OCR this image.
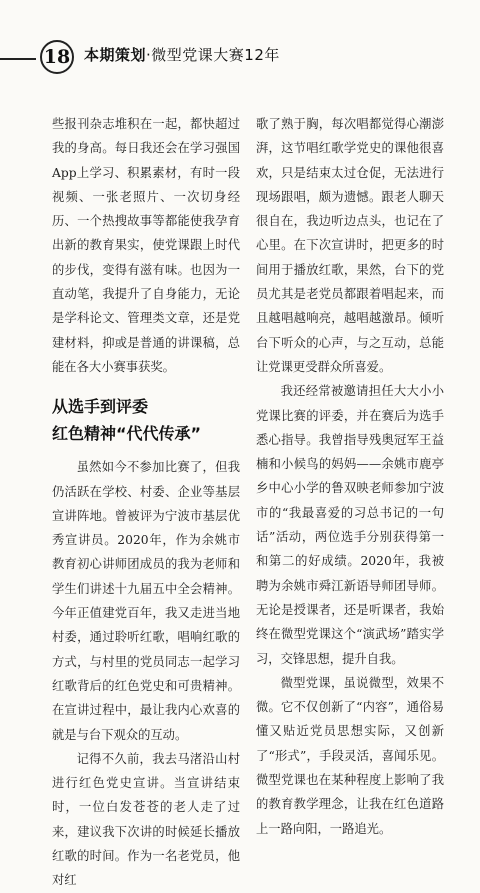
18 本期策划·微型党课大赛12年

些报刊杂志堆积在一起，都快超过我的身高。每日我还会在学习强国App上学习、积累素材，有时一段视频、一张老照片、一次切身经历、一个热搜故事等都能使我孕育出新的教育果实，使党课跟上时代的步伐，变得有滋有味。也因为一直动笔，我提升了自身能力，无论是学科论文、管理类文章，还是党建材料，抑或是普通的讲课稿，总能在各大小赛事获奖。

从选手到评委
红色精神“代代传承”

虽然如今不参加比赛了，但我仍活跃在学校、村委、企业等基层宣讲阵地。曾被评为宁波市基层优秀宣讲员。2020年，作为余姚市教育初心讲师团成员的我为老师和学生们讲述十九届五中全会精神。今年正值建党百年，我又走进当地村委，通过聆听红歌，唱响红歌的方式，与村里的党员同志一起学习红歌背后的红色党史和可贵精神。在宣讲过程中，最让我内心欢喜的就是与台下观众的互动。

记得不久前，我去马渚沿山村进行红色党史宣讲。当宣讲结束时，一位白发苍苍的老人走了过来，建议我下次讲的时候延长播放红歌的时间。作为一名老党员，他对红

歌了熟于胸，每次唱都觉得心潮澎湃，这节唱红歌学党史的课他很喜欢，只是结束太过仓促，无法进行现场跟唱，颇为遗憾。跟老人聊天很自在，我边听边点头，也记在了心里。在下次宣讲时，把更多的时间用于播放红歌，果然，台下的党员尤其是老党员都跟着唱起来，而且越唱越响亮，越唱越激昂。倾听台下听众的心声，与之互动，总能让党课更受群众所喜爱。

我还经常被邀请担任大大小小党课比赛的评委，并在赛后为选手悉心指导。我曾指导残奥冠军王益楠和小候鸟的妈妈——余姚市鹿亭乡中心小学的鲁双映老师参加宁波市的“我最喜爱的习总书记的一句话”活动，两位选手分别获得第一和第二的好成绩。2020年，我被聘为余姚市舜江新语导师团导师。无论是授课者，还是听课者，我始终在微型党课这个“演武场”踏实学习，交锋思想，提升自我。

微型党课，虽说微型，效果不微。它不仅创新了“内容”，通俗易懂又贴近党员思想实际，又创新了“形式”，手段灵活，喜闻乐见。微型党课也在某种程度上影响了我的教育教学理念，让我在红色道路上一路向阳，一路追光。
